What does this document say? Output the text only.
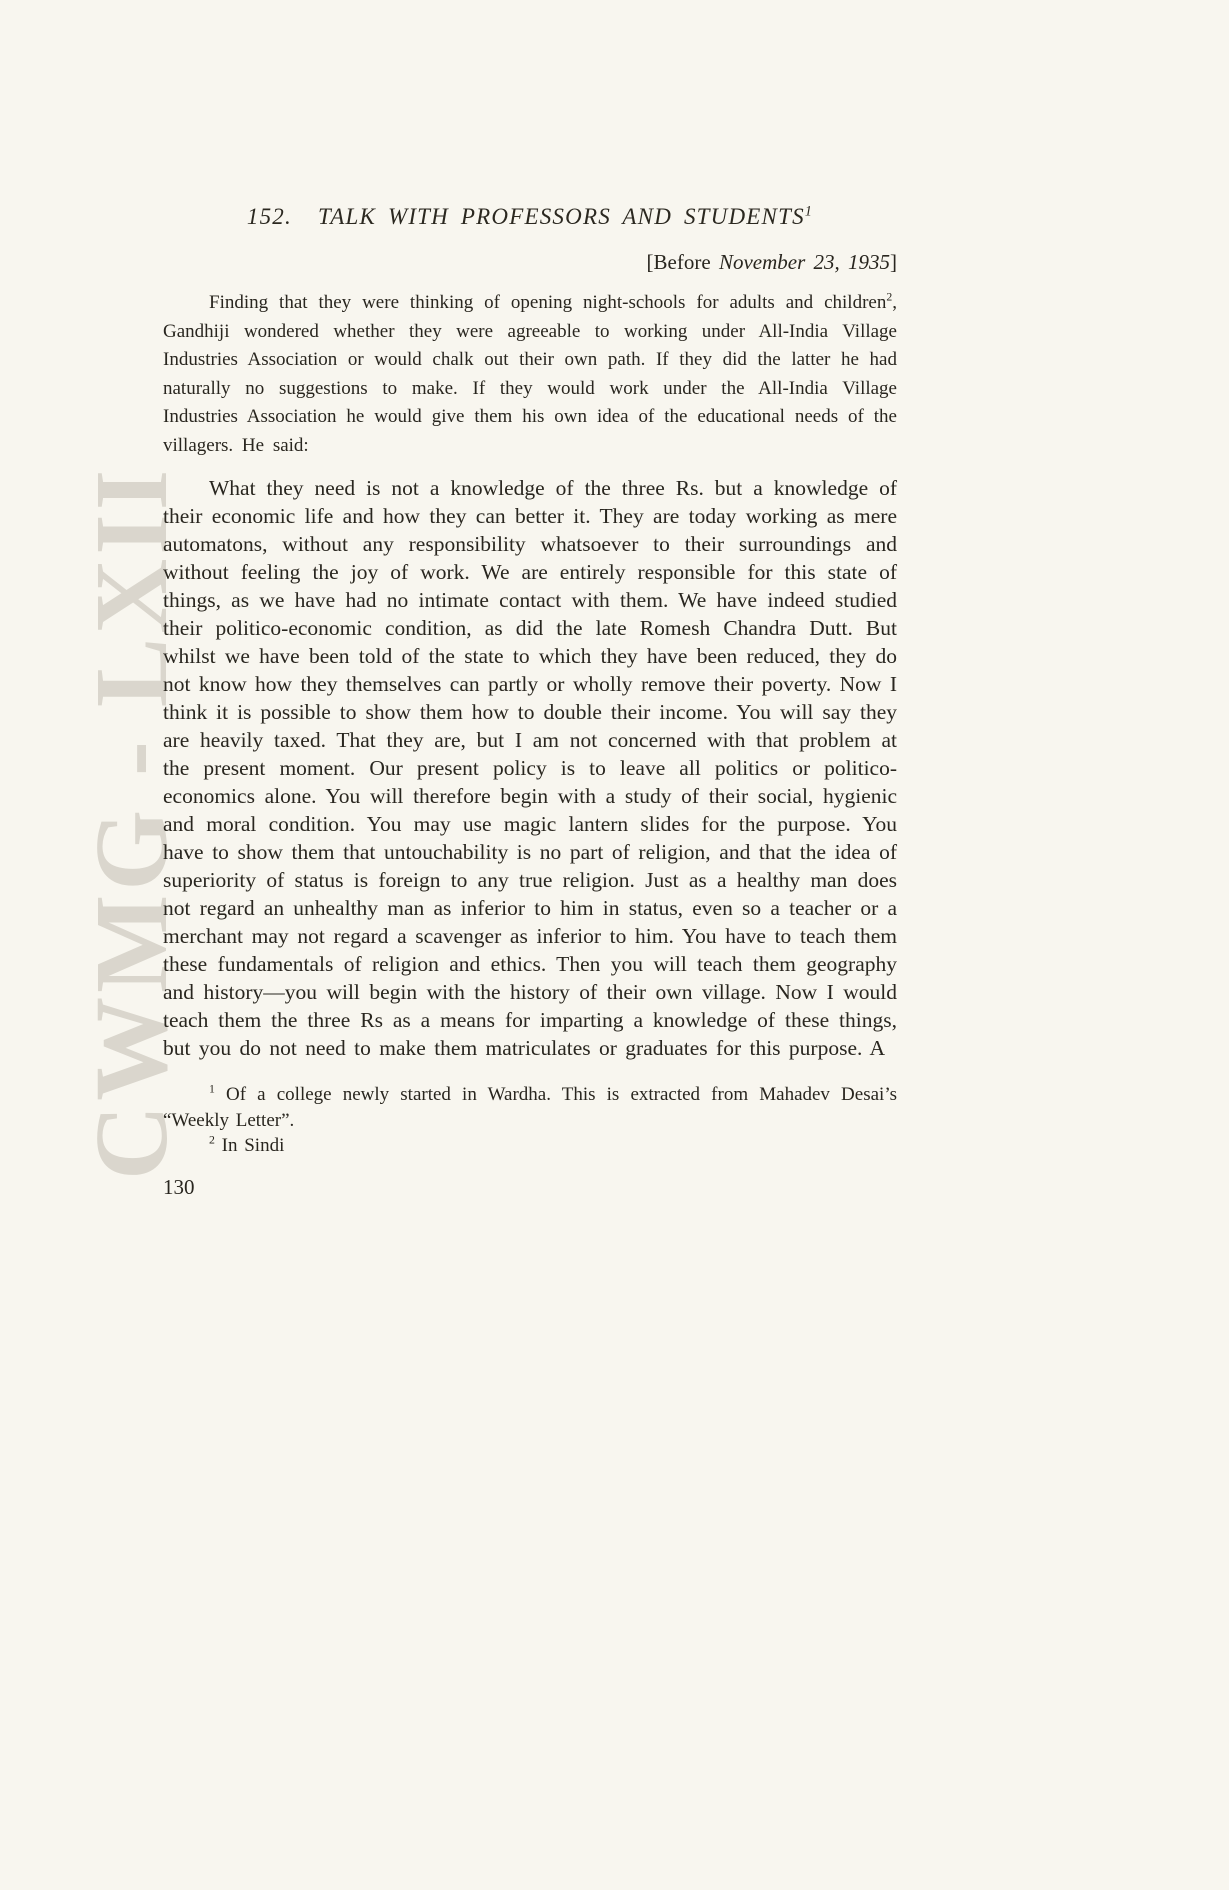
CWMG - LXII
152. TALK WITH PROFESSORS AND STUDENTS$^1$

[Before November 23, 1935]

Finding that they were thinking of opening night-schools for adults and children$^2$, Gandhiji wondered whether they were agreeable to working under All-India Village Industries Association or would chalk out their own path. If they did the latter he had naturally no suggestions to make. If they would work under the All-India Village Industries Association he would give them his own idea of the educational needs of the villagers. He said:

What they need is not a knowledge of the three Rs. but a knowledge of their economic life and how they can better it. They are today working as mere automatons, without any responsibility whatsoever to their surroundings and without feeling the joy of work. We are entirely responsible for this state of things, as we have had no intimate contact with them. We have indeed studied their politico-economic condition, as did the late Romesh Chandra Dutt. But whilst we have been told of the state to which they have been reduced, they do not know how they themselves can partly or wholly remove their poverty. Now I think it is possible to show them how to double their income. You will say they are heavily taxed. That they are, but I am not concerned with that problem at the present moment. Our present policy is to leave all politics or politico-economics alone. You will therefore begin with a study of their social, hygienic and moral condition. You may use magic lantern slides for the purpose. You have to show them that untouchability is no part of religion, and that the idea of superiority of status is foreign to any true religion. Just as a healthy man does not regard an unhealthy man as inferior to him in status, even so a teacher or a merchant may not regard a scavenger as inferior to him. You have to teach them these fundamentals of religion and ethics. Then you will teach them geography and history—you will begin with the history of their own village. Now I would teach them the three Rs as a means for imparting a knowledge of these things, but you do not need to make them matriculates or graduates for this purpose. A

$^1$ Of a college newly started in Wardha. This is extracted from Mahadev Desai’s “Weekly Letter”.

$^2$ In Sindi

130
